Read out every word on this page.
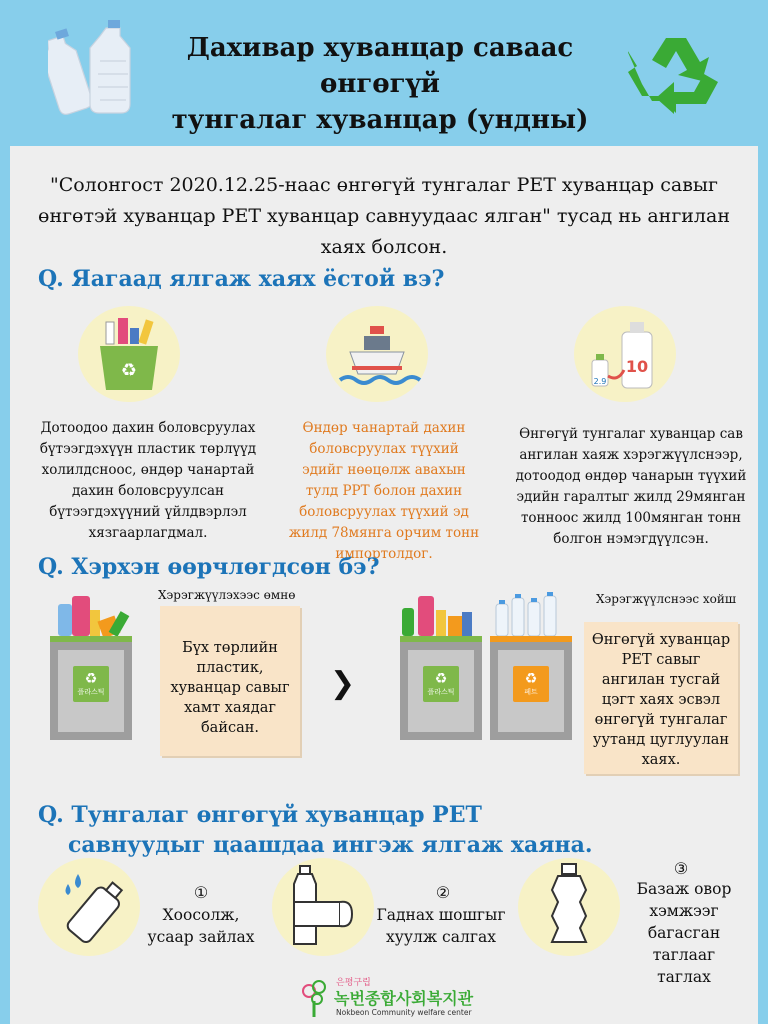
Дахивар хуванцар саваас өнгөгүй
тунгалаг хуванцар (ундны)
"Солонгост 2020.12.25-наас өнгөгүй тунгалаг PET хуванцар савыг өнгөтэй хуванцар PET хуванцар савнуудаас ялган" тусад нь ангилан хаях болсон.
Q. Яагаад ялгаж хаях ёстой вэ?
♻
Дотоодоо дахин боловсруулах бүтээгдэхүүн пластик төрлүүд холилдсноос, өндөр чанартай дахин боловсруулсан бүтээгдэхүүний үйлдвэрлэл хязгаарлагдмал.
Өндөр чанартай дахин боловсруулах түүхий эдийг нөөцөлж авахын тулд PPT болон дахин боловсруулах түүхий эд жилд 78мянга орчим тонн импортолдог.
2.9
10
Өнгөгүй тунгалаг хуванцар сав ангилан хаяж хэрэгжүүлснээр, дотоодод өндөр чанарын түүхий эдийн гаралтыг жилд 29мянган тонноос жилд 100мянган тонн болгон нэмэгдүүлсэн.
Q. Хэрхэн өөрчлөгдсөн бэ?
♻
플라스틱
Хэрэгжүүлэхээс өмнө
Бүх төрлийн пластик, хуванцар савыг хамт хаядаг байсан.
❯	♻
플라스틱
♻
페트
Хэрэгжүүлснээс хойш
Өнгөгүй хуванцар PET савыг ангилан тусгай цэгт хаях эсвэл өнгөгүй тунгалаг уутанд цуглуулан хаях.
Q. Тунгалаг өнгөгүй хуванцар PET
савнуудыг цаашдаа ингэж ялгаж хаяна.
①
Хоосолж, усаар зайлах
②
Гаднах шошгыг хуулж салгах
③
Базаж овор хэмжээг багасган таглааг таглах
은평구립
녹번종합사회복지관
Nokbeon Community welfare center
